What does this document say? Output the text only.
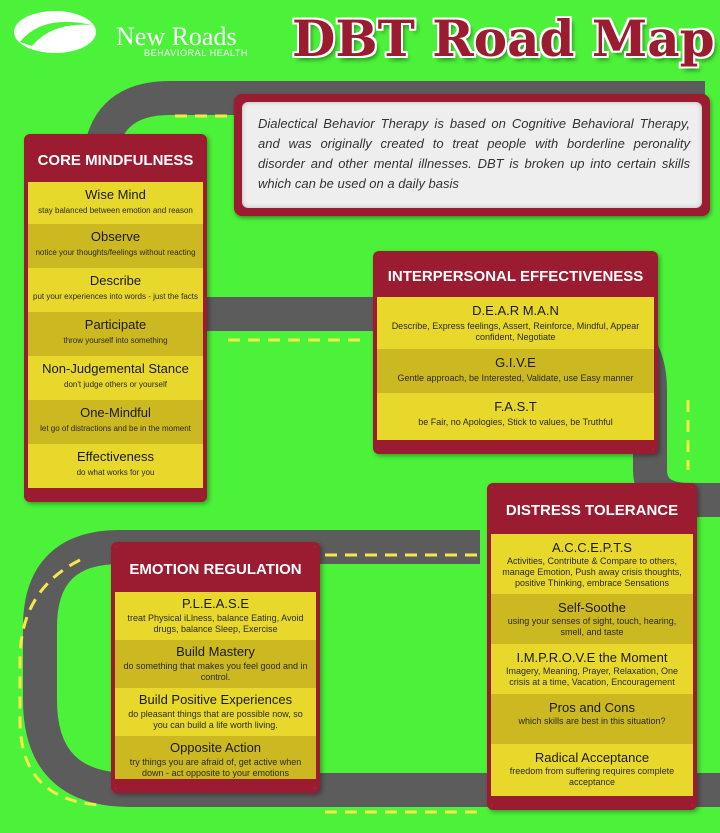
New Roads
BEHAVIORAL HEALTH DBT Road Map

Dialectical Behavior Therapy is based on Cognitive Behavioral Therapy, and was originally created to treat people with borderline peronality disorder and other mental illnesses. DBT is broken up into certain skills which can be used on a daily basis

CORE MINDFULNESS
Wise Mind
stay balanced between emotion and reason
Observe
notice your thoughts/feelings without reacting
Describe
put your experiences into words - just the facts
Participate
throw yourself into something
Non-Judgemental Stance
don't judge others or yourself
One-Mindful
let go of distractions and be in the moment
Effectiveness
do what works for you
INTERPERSONAL EFFECTIVENESS
D.E.A.R M.A.N
Describe, Express feelings, Assert, Reinforce, Mindful, Appear confident, Negotiate
G.I.V.E
Gentle approach, be Interested, Validate, use Easy manner
F.A.S.T
be Fair, no Apologies, Stick to values, be Truthful
EMOTION REGULATION
P.L.E.A.S.E
treat Physical iLlness, balance Eating, Avoid drugs, balance Sleep, Exercise
Build Mastery
do something that makes you feel good and in control.
Build Positive Experiences
do pleasant things that are possible now, so you can build a life worth living.
Opposite Action
try things you are afraid of, get active when down - act opposite to your emotions
DISTRESS TOLERANCE
A.C.C.E.P.T.S
Activities, Contribute & Compare to others, manage Emotion, Push away crisis thoughts, positive Thinking, embrace Sensations
Self-Soothe
using your senses of sight, touch, hearing, smell, and taste
I.M.P.R.O.V.E the Moment
Imagery, Meaning, Prayer, Relaxation, One crisis at a time, Vacation, Encouragement
Pros and Cons
which skills are best in this situation?
Radical Acceptance
freedom from suffering requires complete acceptance
